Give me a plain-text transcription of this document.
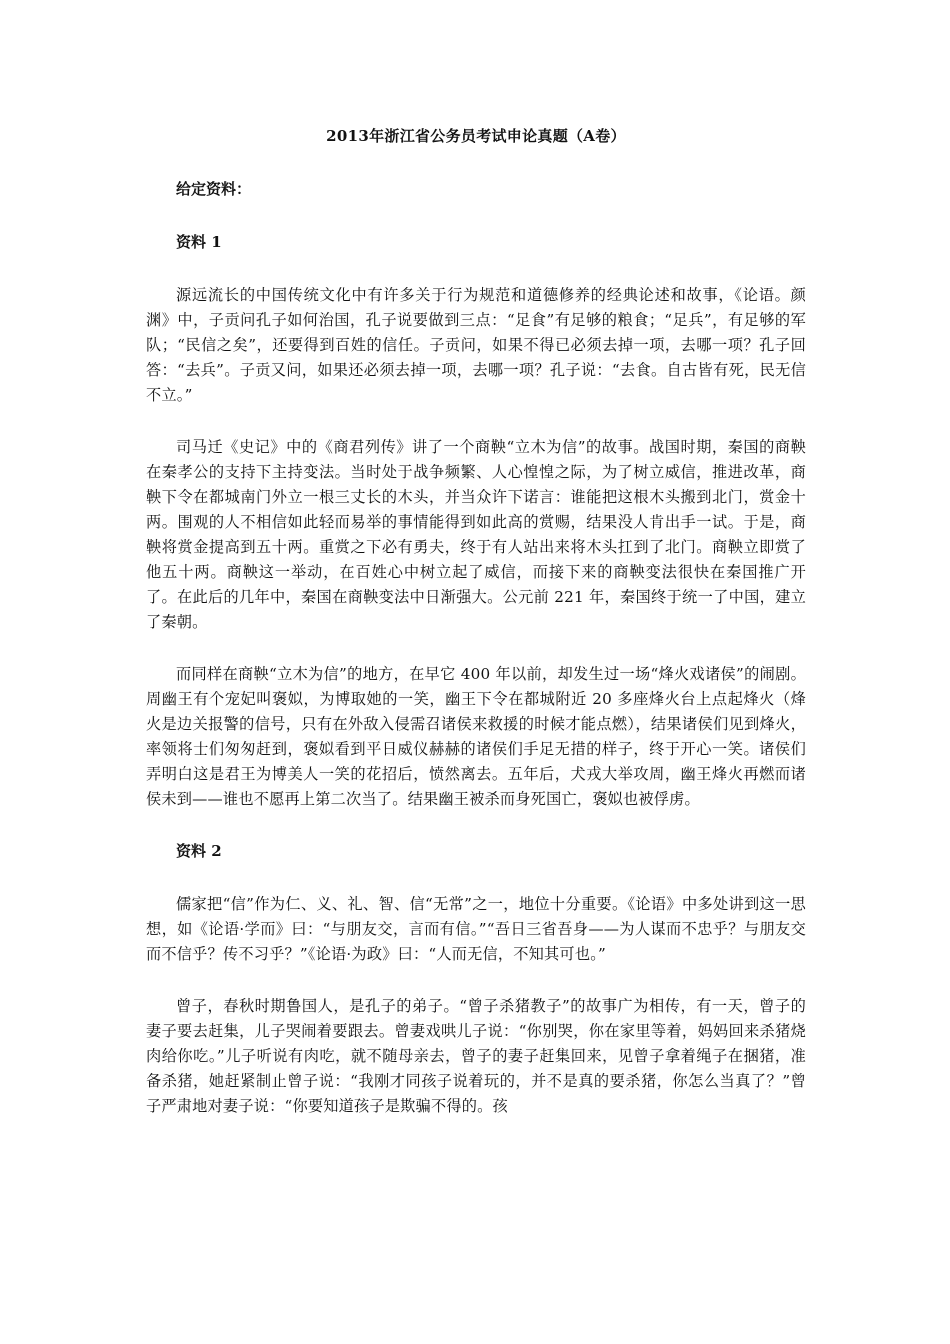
2013年浙江省公务员考试申论真题（A卷）
给定资料：
资料 1

源远流长的中国传统文化中有许多关于行为规范和道德修养的经典论述和故事，《论语。颜渊》中，子贡问孔子如何治国，孔子说要做到三点：“足食”有足够的粮食；“足兵”，有足够的军队；“民信之矣”，还要得到百姓的信任。子贡问，如果不得已必须去掉一项，去哪一项？孔子回答：“去兵”。子贡又问，如果还必须去掉一项，去哪一项？孔子说：“去食。自古皆有死，民无信不立。”

司马迁《史记》中的《商君列传》讲了一个商鞅“立木为信”的故事。战国时期，秦国的商鞅在秦孝公的支持下主持变法。当时处于战争频繁、人心惶惶之际，为了树立威信，推进改革，商鞅下令在都城南门外立一根三丈长的木头，并当众许下诺言：谁能把这根木头搬到北门，赏金十两。围观的人不相信如此轻而易举的事情能得到如此高的赏赐，结果没人肯出手一试。于是，商鞅将赏金提高到五十两。重赏之下必有勇夫，终于有人站出来将木头扛到了北门。商鞅立即赏了他五十两。商鞅这一举动，在百姓心中树立起了威信，而接下来的商鞅变法很快在秦国推广开了。在此后的几年中，秦国在商鞅变法中日渐强大。公元前 221 年，秦国终于统一了中国，建立了秦朝。

而同样在商鞅“立木为信”的地方，在早它 400 年以前，却发生过一场“烽火戏诸侯”的闹剧。周幽王有个宠妃叫褒姒，为博取她的一笑，幽王下令在都城附近 20 多座烽火台上点起烽火（烽火是边关报警的信号，只有在外敌入侵需召诸侯来救援的时候才能点燃），结果诸侯们见到烽火，率领将士们匆匆赶到，褒姒看到平日威仪赫赫的诸侯们手足无措的样子，终于开心一笑。诸侯们弄明白这是君王为博美人一笑的花招后，愤然离去。五年后，犬戎大举攻周，幽王烽火再燃而诸侯未到——谁也不愿再上第二次当了。结果幽王被杀而身死国亡，褒姒也被俘虏。

资料 2

儒家把“信”作为仁、义、礼、智、信“无常”之一，地位十分重要。《论语》中多处讲到这一思想，如《论语·学而》曰：“与朋友交，言而有信。”“吾日三省吾身——为人谋而不忠乎？与朋友交而不信乎？传不习乎？”《论语·为政》曰：“人而无信，不知其可也。”

曾子，春秋时期鲁国人，是孔子的弟子。“曾子杀猪教子”的故事广为相传，有一天，曾子的妻子要去赶集，儿子哭闹着要跟去。曾妻戏哄儿子说：“你别哭，你在家里等着，妈妈回来杀猪烧肉给你吃。”儿子听说有肉吃，就不随母亲去，曾子的妻子赶集回来，见曾子拿着绳子在捆猪，准备杀猪，她赶紧制止曾子说：“我刚才同孩子说着玩的，并不是真的要杀猪，你怎么当真了？”曾子严肃地对妻子说：“你要知道孩子是欺骗不得的。孩
